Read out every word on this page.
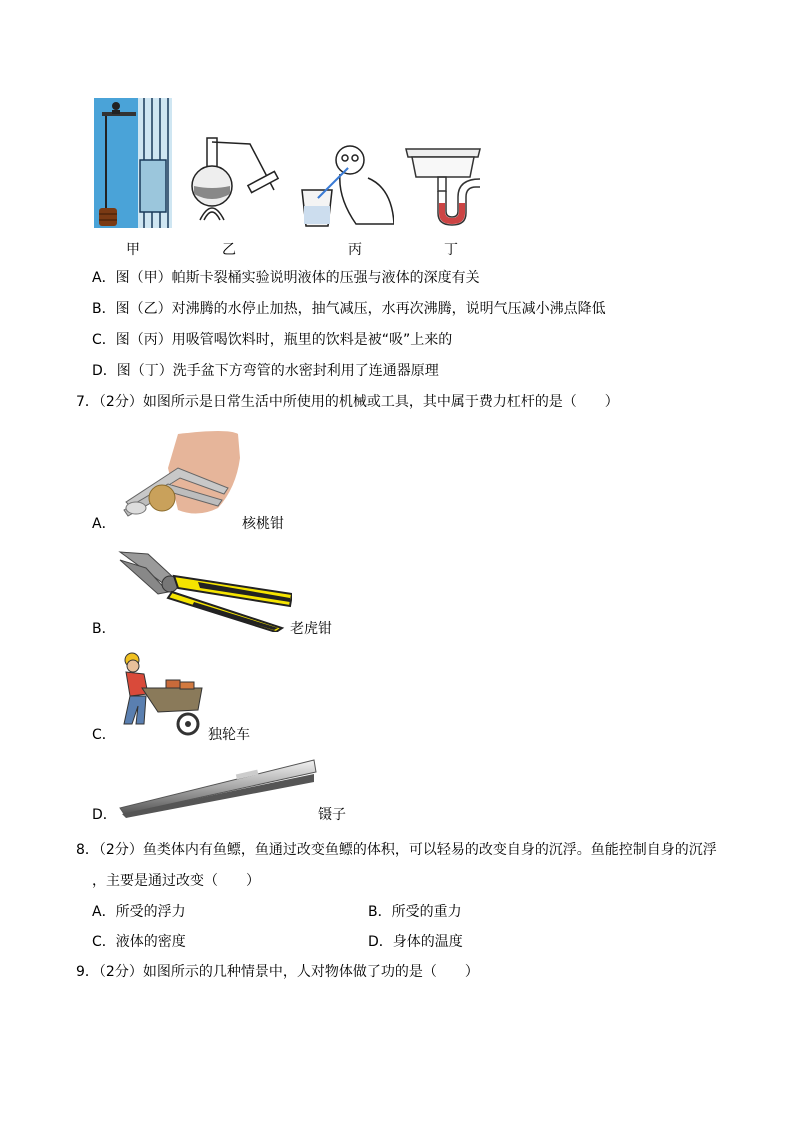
甲	乙	丙	丁
A．图（甲）帕斯卡裂桶实验说明液体的压强与液体的深度有关
B．图（乙）对沸腾的水停止加热，抽气减压，水再次沸腾，说明气压减小沸点降低
C．图（丙）用吸管喝饮料时，瓶里的饮料是被“吸”上来的
D．图（丁）洗手盆下方弯管的水密封利用了连通器原理
7．（2分）如图所示是日常生活中所使用的机械或工具，其中属于费力杠杆的是（　　）
A．	核桃钳
B．	老虎钳
C．	独轮车
D．	镊子
8．（2分）鱼类体内有鱼鳔，鱼通过改变鱼鳔的体积，可以轻易的改变自身的沉浮。鱼能控制自身的沉浮
，主要是通过改变（　　）
A．所受的浮力	B．所受的重力
C．液体的密度	D．身体的温度
9．（2分）如图所示的几种情景中，人对物体做了功的是（　　）
